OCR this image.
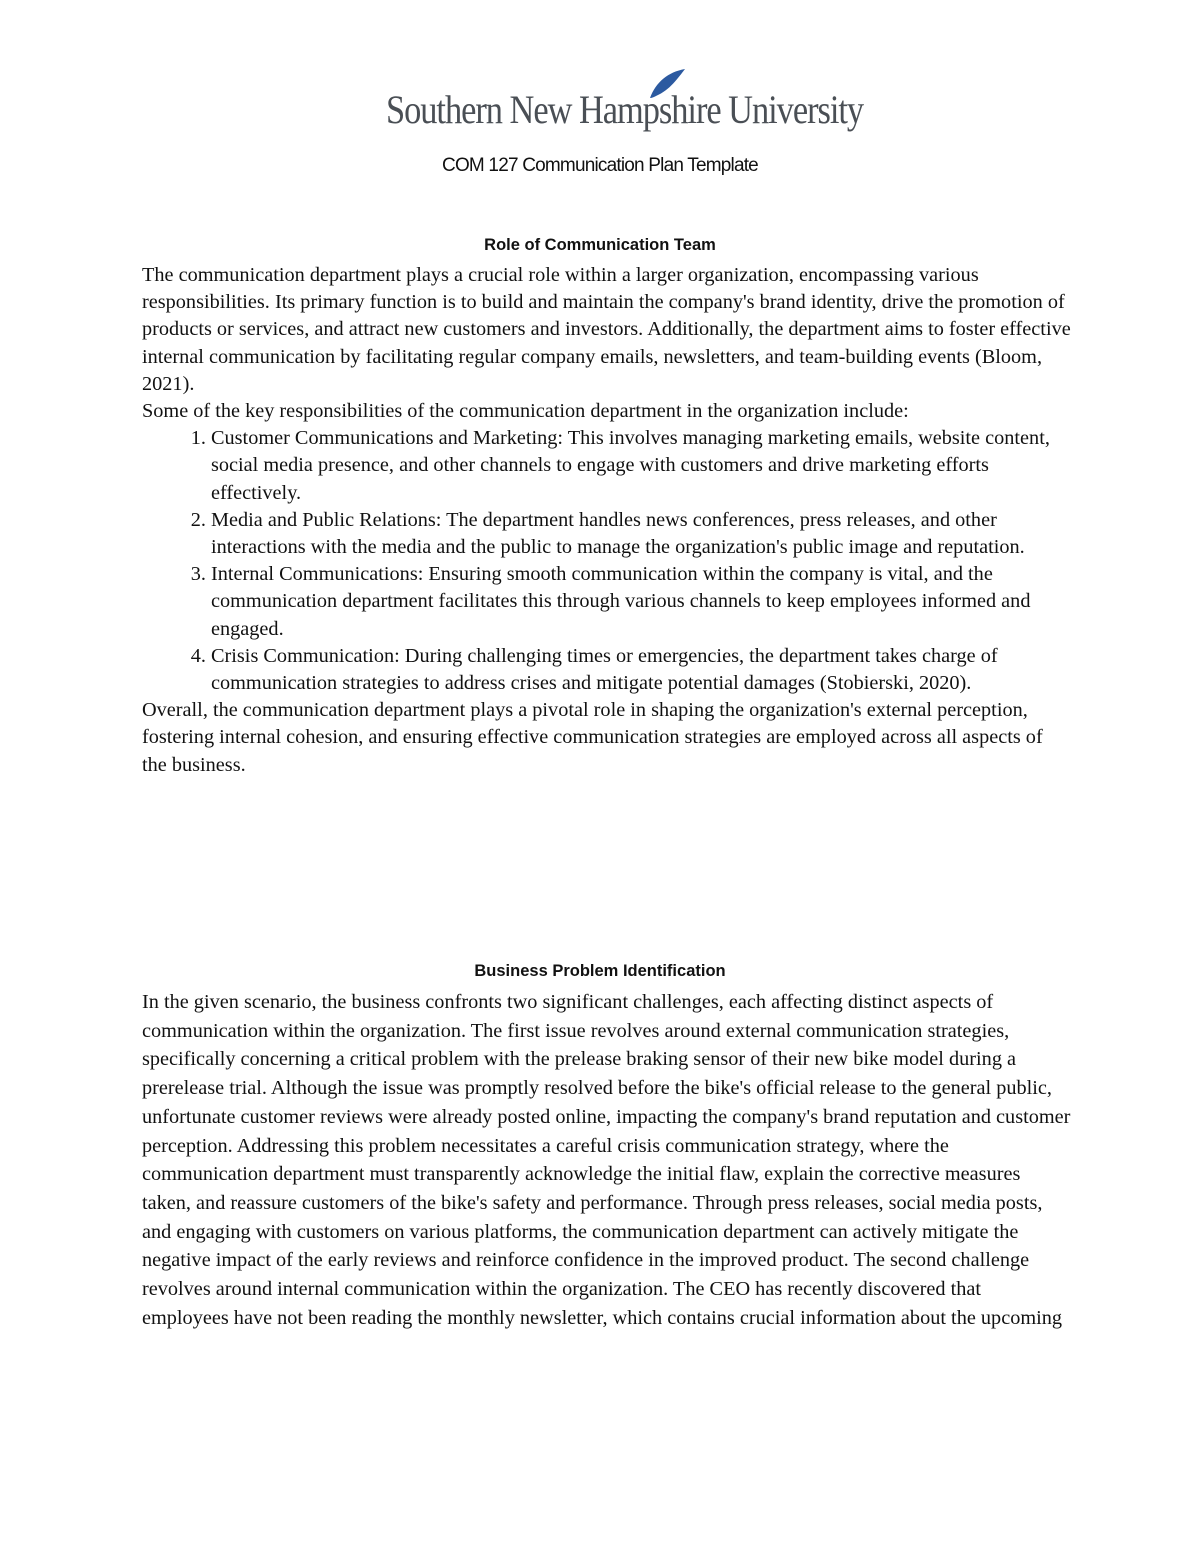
Southern New Hampshire University
COM 127 Communication Plan Template
Role of Communication Team

The communication department plays a crucial role within a larger organization, encompassing various responsibilities. Its primary function is to build and maintain the company's brand identity, drive the promotion of products or services, and attract new customers and investors. Additionally, the department aims to foster effective internal communication by facilitating regular company emails, newsletters, and team-building events (Bloom, 2021).

Some of the key responsibilities of the communication department in the organization include:

1. Customer Communications and Marketing: This involves managing marketing emails, website content, social media presence, and other channels to engage with customers and drive marketing efforts effectively.
2. Media and Public Relations: The department handles news conferences, press releases, and other interactions with the media and the public to manage the organization's public image and reputation.
3. Internal Communications: Ensuring smooth communication within the company is vital, and the communication department facilitates this through various channels to keep employees informed and engaged.
4. Crisis Communication: During challenging times or emergencies, the department takes charge of communication strategies to address crises and mitigate potential damages (Stobierski, 2020).

Overall, the communication department plays a pivotal role in shaping the organization's external perception, fostering internal cohesion, and ensuring effective communication strategies are employed across all aspects of the business.

Business Problem Identification

In the given scenario, the business confronts two significant challenges, each affecting distinct aspects of communication within the organization. The first issue revolves around external communication strategies, specifically concerning a critical problem with the prelease braking sensor of their new bike model during a prerelease trial. Although the issue was promptly resolved before the bike's official release to the general public, unfortunate customer reviews were already posted online, impacting the company's brand reputation and customer perception. Addressing this problem necessitates a careful crisis communication strategy, where the communication department must transparently acknowledge the initial flaw, explain the corrective measures taken, and reassure customers of the bike's safety and performance. Through press releases, social media posts, and engaging with customers on various platforms, the communication department can actively mitigate the negative impact of the early reviews and reinforce confidence in the improved product. The second challenge revolves around internal communication within the organization. The CEO has recently discovered that employees have not been reading the monthly newsletter, which contains crucial information about the upcoming
